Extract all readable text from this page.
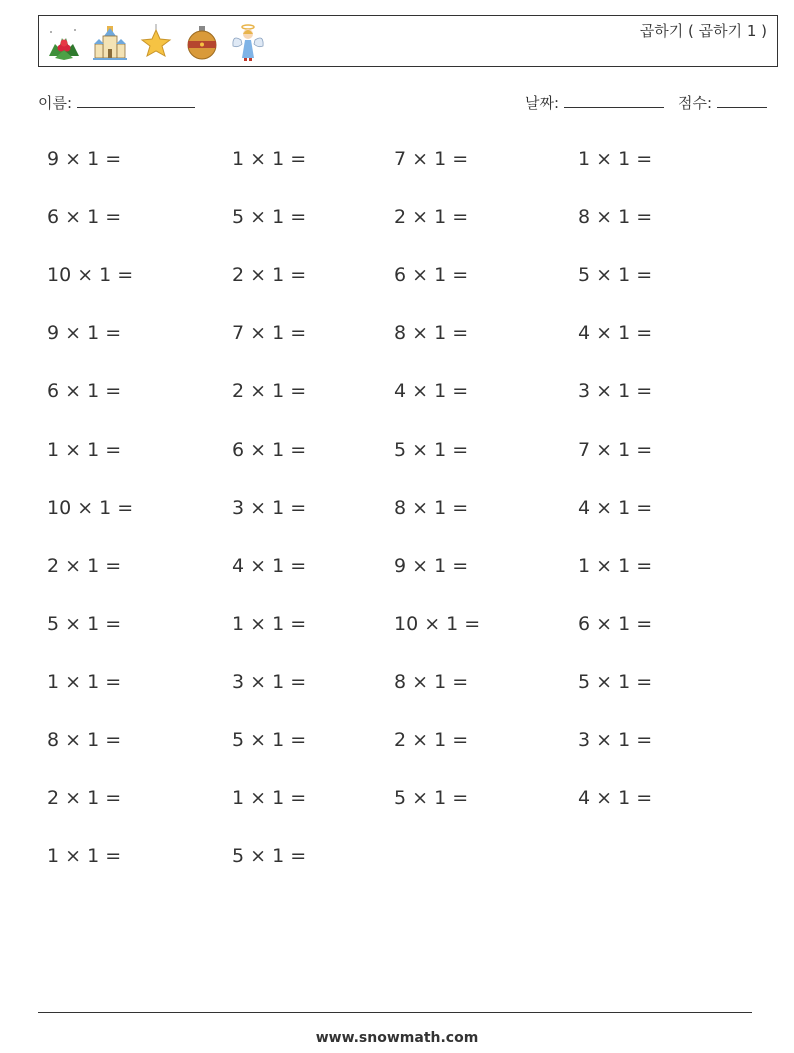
곱하기 ( 곱하기 1 )
이름:	날짜:	점수:
9 × 1 =	1 × 1 =	7 × 1 =	1 × 1 =
6 × 1 =	5 × 1 =	2 × 1 =	8 × 1 =
10 × 1 =	2 × 1 =	6 × 1 =	5 × 1 =
9 × 1 =	7 × 1 =	8 × 1 =	4 × 1 =
6 × 1 =	2 × 1 =	4 × 1 =	3 × 1 =
1 × 1 =	6 × 1 =	5 × 1 =	7 × 1 =
10 × 1 =	3 × 1 =	8 × 1 =	4 × 1 =
2 × 1 =	4 × 1 =	9 × 1 =	1 × 1 =
5 × 1 =	1 × 1 =	10 × 1 =	6 × 1 =
1 × 1 =	3 × 1 =	8 × 1 =	5 × 1 =
8 × 1 =	5 × 1 =	2 × 1 =	3 × 1 =
2 × 1 =	1 × 1 =	5 × 1 =	4 × 1 =
1 × 1 =	5 × 1 =
www.snowmath.com
